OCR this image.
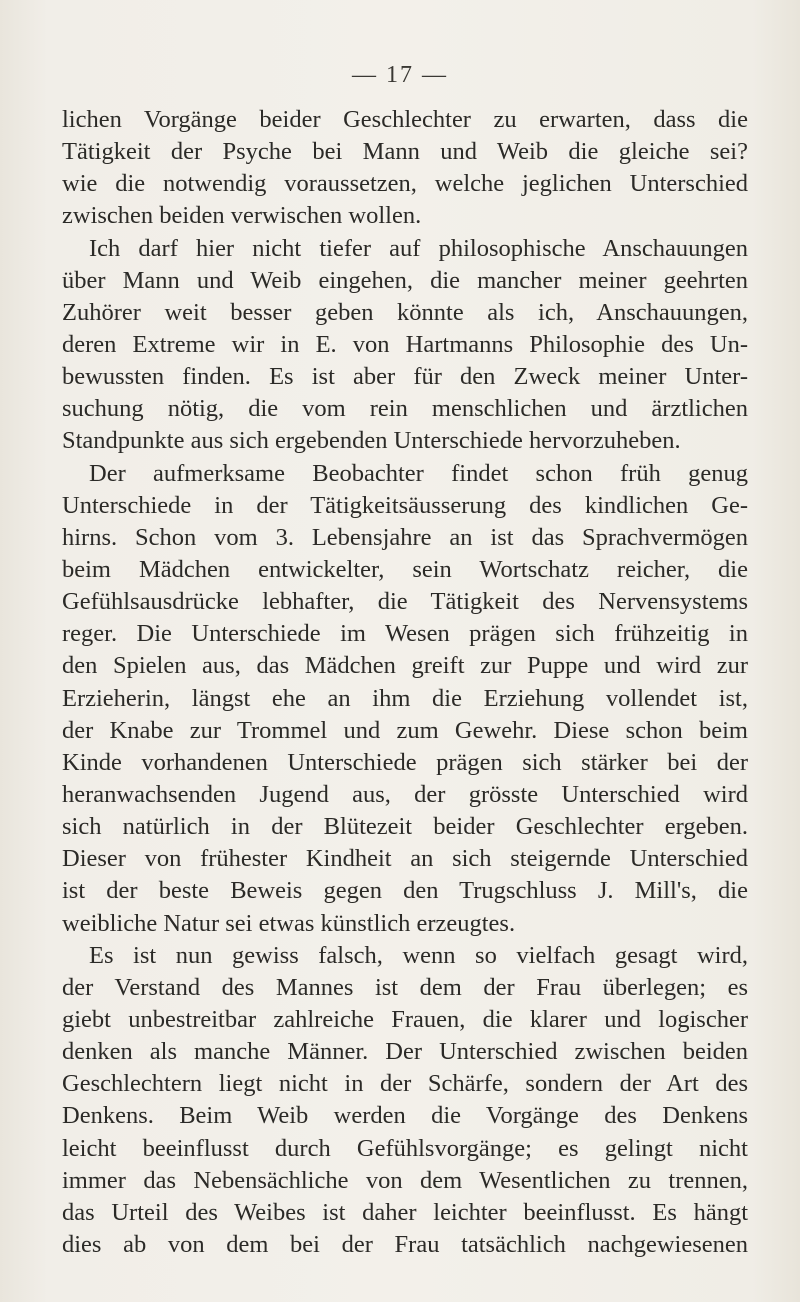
— 17 —
lichen Vorgänge beider Geschlechter zu erwarten, dass die
Tätigkeit der Psyche bei Mann und Weib die gleiche sei?
wie die notwendig voraussetzen, welche jeglichen Unterschied
zwischen beiden verwischen wollen.
Ich darf hier nicht tiefer auf philosophische Anschauungen
über Mann und Weib eingehen, die mancher meiner geehrten
Zuhörer weit besser geben könnte als ich, Anschauungen,
deren Extreme wir in E. von Hartmanns Philosophie des Un-
bewussten finden. Es ist aber für den Zweck meiner Unter-
suchung nötig, die vom rein menschlichen und ärztlichen
Standpunkte aus sich ergebenden Unterschiede hervorzuheben.
Der aufmerksame Beobachter findet schon früh genug
Unterschiede in der Tätigkeitsäusserung des kindlichen Ge-
hirns. Schon vom 3. Lebensjahre an ist das Sprachvermögen
beim Mädchen entwickelter, sein Wortschatz reicher, die
Gefühlsausdrücke lebhafter, die Tätigkeit des Nervensystems
reger. Die Unterschiede im Wesen prägen sich frühzeitig in
den Spielen aus, das Mädchen greift zur Puppe und wird zur
Erzieherin, längst ehe an ihm die Erziehung vollendet ist,
der Knabe zur Trommel und zum Gewehr. Diese schon beim
Kinde vorhandenen Unterschiede prägen sich stärker bei der
heranwachsenden Jugend aus, der grösste Unterschied wird
sich natürlich in der Blütezeit beider Geschlechter ergeben.
Dieser von frühester Kindheit an sich steigernde Unterschied
ist der beste Beweis gegen den Trugschluss J. Mill's, die
weibliche Natur sei etwas künstlich erzeugtes.
Es ist nun gewiss falsch, wenn so vielfach gesagt wird,
der Verstand des Mannes ist dem der Frau überlegen; es
giebt unbestreitbar zahlreiche Frauen, die klarer und logischer
denken als manche Männer. Der Unterschied zwischen beiden
Geschlechtern liegt nicht in der Schärfe, sondern der Art des
Denkens. Beim Weib werden die Vorgänge des Denkens
leicht beeinflusst durch Gefühlsvorgänge; es gelingt nicht
immer das Nebensächliche von dem Wesentlichen zu trennen,
das Urteil des Weibes ist daher leichter beeinflusst. Es hängt
dies ab von dem bei der Frau tatsächlich nachgewiesenen
